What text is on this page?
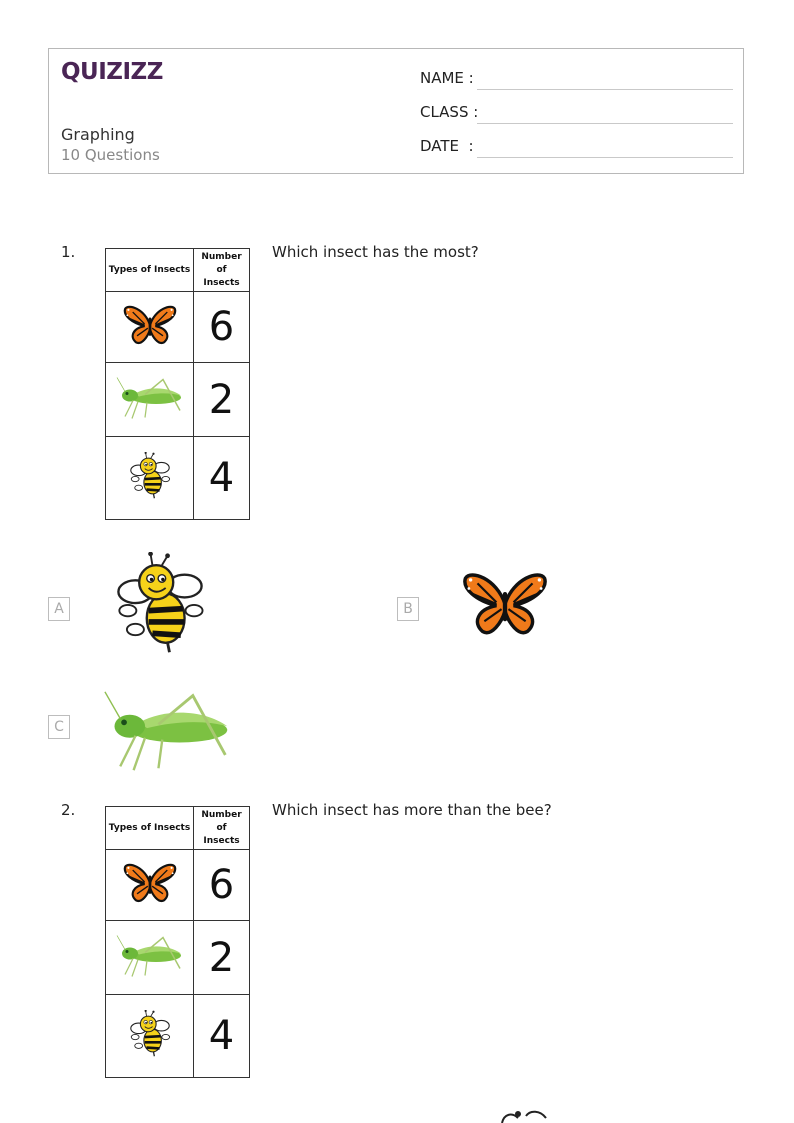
QUIZIZZ
Graphing
10 Questions
NAME :
CLASS :
DATE  :
1.	Which insect has the most?
Types of Insects	Number
of
Insects
	6
	2
	4
A	B
C
2.	Which insect has more than the bee?
Types of Insects	Number
of
Insects
	6
	2
	4
